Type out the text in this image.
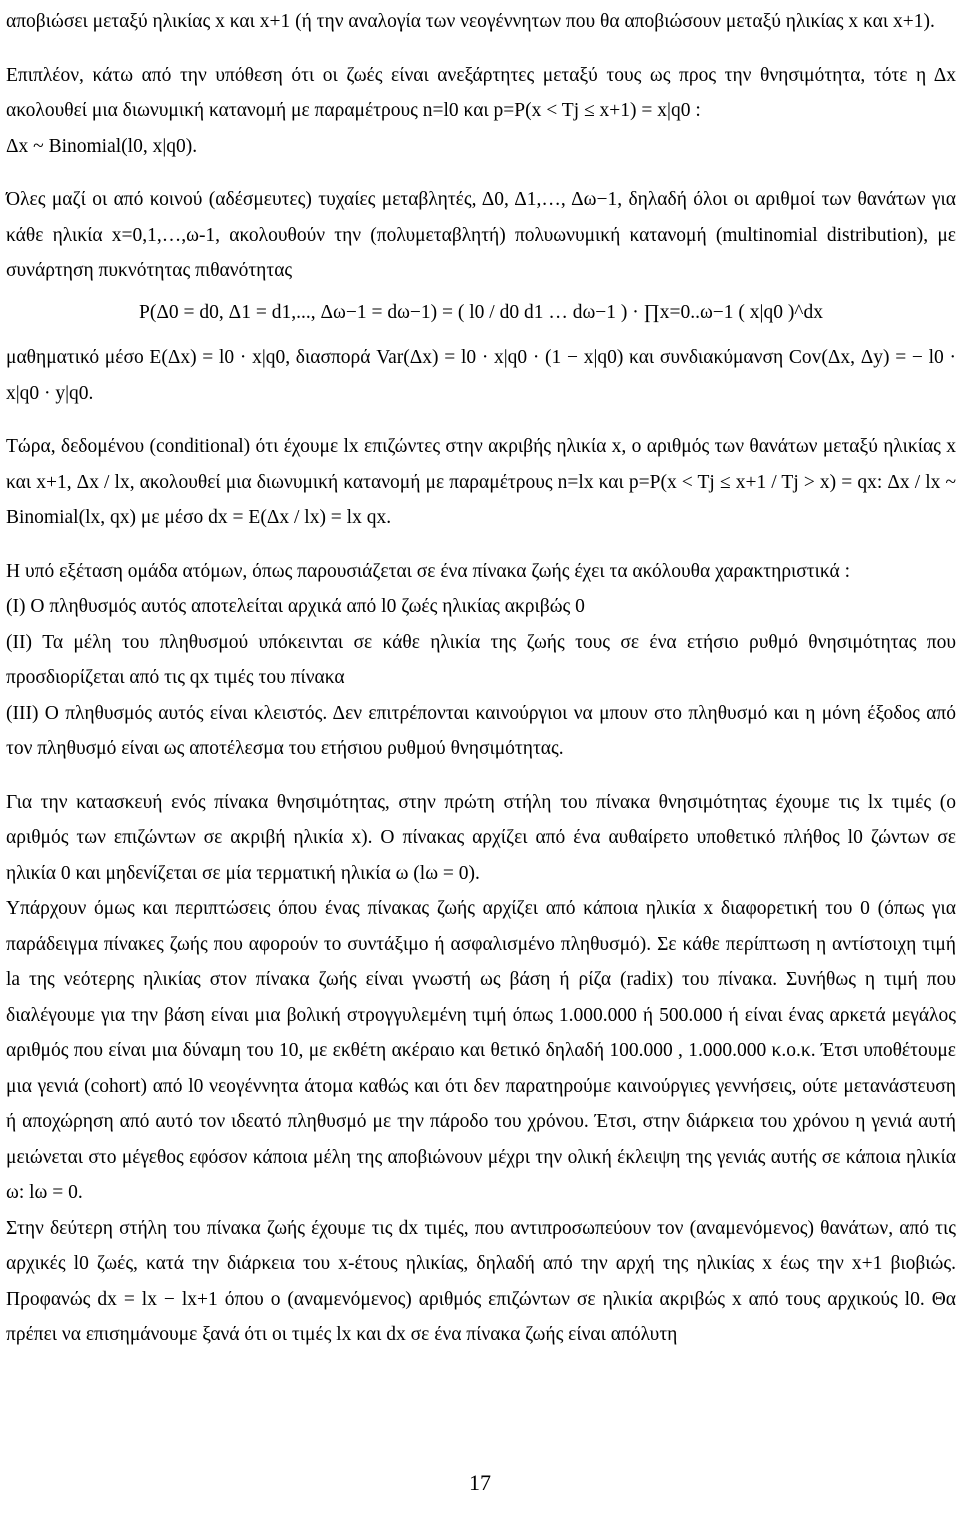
αποβιώσει μεταξύ ηλικίας x και x+1 (ή την αναλογία των νεογέννητων που θα αποβιώσουν μεταξύ ηλικίας x και x+1).

Επιπλέον, κάτω από την υπόθεση ότι οι ζωές είναι ανεξάρτητες μεταξύ τους ως προς την θνησιμότητα, τότε η Δx ακολουθεί μια διωνυμική κατανομή με παραμέτρους n=l0 και p=P(x < Tj ≤ x+1) = x|q0 :

Δx ~ Binomial(l0, x|q0).

Όλες μαζί οι από κοινού (αδέσμευτες) τυχαίες μεταβλητές, Δ0, Δ1,…, Δω−1, δηλαδή όλοι οι αριθμοί των θανάτων για κάθε ηλικία x=0,1,…,ω-1, ακολουθούν την (πολυμεταβλητή) πολυωνυμική κατανομή (multinomial distribution), με συνάρτηση πυκνότητας πιθανότητας

P(Δ0 = d0, Δ1 = d1,..., Δω−1 = dω−1) = ( l0 / d0 d1 … dω−1 ) · ∏x=0..ω−1 ( x|q0 )^dx

μαθηματικό μέσο E(Δx) = l0 · x|q0, διασπορά Var(Δx) = l0 · x|q0 · (1 − x|q0) και συνδιακύμανση Cov(Δx, Δy) = − l0 · x|q0 · y|q0.

Τώρα, δεδομένου (conditional) ότι έχουμε lx επιζώντες στην ακριβής ηλικία x, ο αριθμός των θανάτων μεταξύ ηλικίας x και x+1, Δx / lx, ακολουθεί μια διωνυμική κατανομή με παραμέτρους n=lx και p=P(x < Tj ≤ x+1 / Tj > x) = qx: Δx / lx ~ Binomial(lx, qx) με μέσο dx = E(Δx / lx) = lx qx.

Η υπό εξέταση ομάδα ατόμων, όπως παρουσιάζεται σε ένα πίνακα ζωής έχει τα ακόλουθα χαρακτηριστικά :

(I) Ο πληθυσμός αυτός αποτελείται αρχικά από l0 ζωές ηλικίας ακριβώς 0

(II) Τα μέλη του πληθυσμού υπόκεινται σε κάθε ηλικία της ζωής τους σε ένα ετήσιο ρυθμό θνησιμότητας που προσδιορίζεται από τις qx τιμές του πίνακα

(III) Ο πληθυσμός αυτός είναι κλειστός. Δεν επιτρέπονται καινούργιοι να μπουν στο πληθυσμό και η μόνη έξοδος από τον πληθυσμό είναι ως αποτέλεσμα του ετήσιου ρυθμού θνησιμότητας.

Για την κατασκευή ενός πίνακα θνησιμότητας, στην πρώτη στήλη του πίνακα θνησιμότητας έχουμε τις lx τιμές (ο αριθμός των επιζώντων σε ακριβή ηλικία x). Ο πίνακας αρχίζει από ένα αυθαίρετο υποθετικό πλήθος l0 ζώντων σε ηλικία 0 και μηδενίζεται σε μία τερματική ηλικία ω (lω = 0).

Υπάρχουν όμως και περιπτώσεις όπου ένας πίνακας ζωής αρχίζει από κάποια ηλικία x διαφορετική του 0 (όπως για παράδειγμα πίνακες ζωής που αφορούν το συντάξιμο ή ασφαλισμένο πληθυσμό). Σε κάθε περίπτωση η αντίστοιχη τιμή la της νεότερης ηλικίας στον πίνακα ζωής είναι γνωστή ως βάση ή ρίζα (radix) του πίνακα. Συνήθως η τιμή που διαλέγουμε για την βάση είναι μια βολική στρογγυλεμένη τιμή όπως 1.000.000 ή 500.000 ή είναι ένας αρκετά μεγάλος αριθμός που είναι μια δύναμη του 10, με εκθέτη ακέραιο και θετικό δηλαδή 100.000 , 1.000.000 κ.ο.κ. Έτσι υποθέτουμε μια γενιά (cohort) από l0 νεογέννητα άτομα καθώς και ότι δεν παρατηρούμε καινούργιες γεννήσεις, ούτε μετανάστευση ή αποχώρηση από αυτό τον ιδεατό πληθυσμό με την πάροδο του χρόνου. Έτσι, στην διάρκεια του χρόνου η γενιά αυτή μειώνεται στο μέγεθος εφόσον κάποια μέλη της αποβιώνουν μέχρι την ολική έκλειψη της γενιάς αυτής σε κάποια ηλικία ω: lω = 0.

Στην δεύτερη στήλη του πίνακα ζωής έχουμε τις dx τιμές, που αντιπροσωπεύουν τον (αναμενόμενος) θανάτων, από τις αρχικές l0 ζωές, κατά την διάρκεια του x-έτους ηλικίας, δηλαδή από την αρχή της ηλικίας x έως την x+1 βιοβιώς. Προφανώς dx = lx − lx+1 όπου ο (αναμενόμενος) αριθμός επιζώντων σε ηλικία ακριβώς x από τους αρχικούς l0. Θα πρέπει να επισημάνουμε ξανά ότι οι τιμές lx και dx σε ένα πίνακα ζωής είναι απόλυτη

17
